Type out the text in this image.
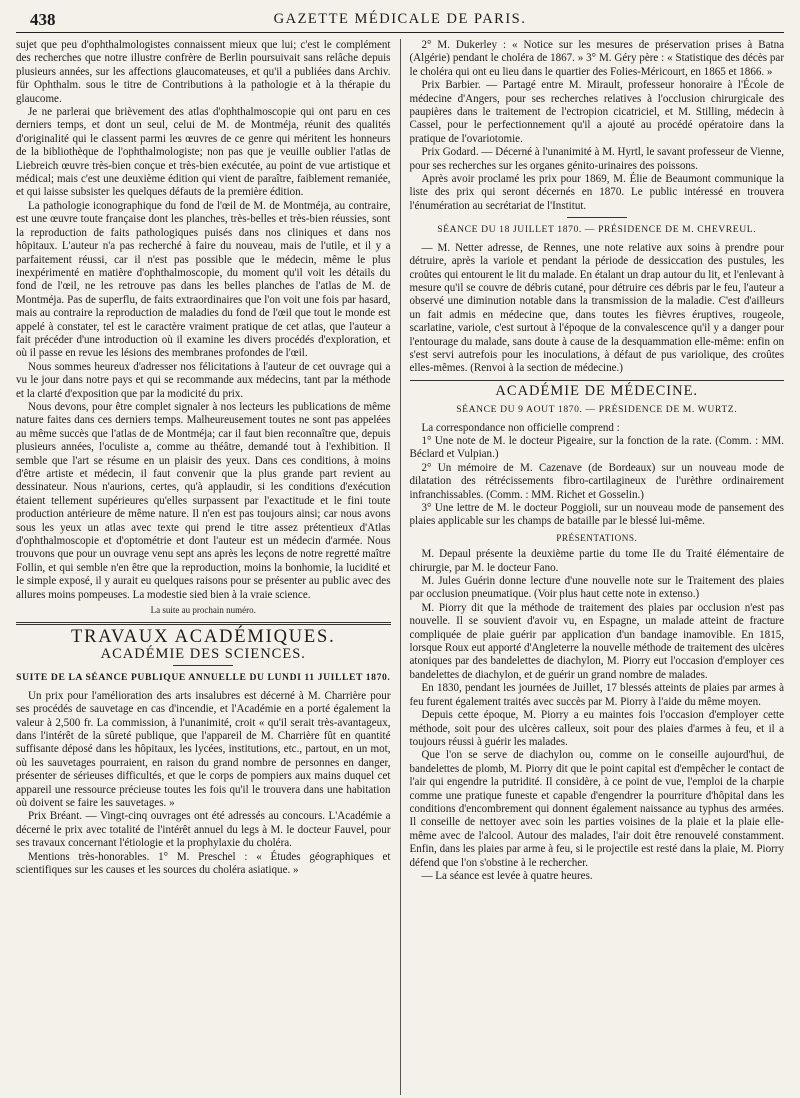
438	GAZETTE MÉDICALE DE PARIS.

sujet que peu d'ophthalmologistes connaissent mieux que lui; c'est le complément des recherches que notre illustre confrère de Berlin poursuivait sans relâche depuis plusieurs années, sur les affections glaucomateuses, et qu'il a publiées dans Archiv. für Ophthalm. sous le titre de Contributions à la pathologie et à la thérapie du glaucome.

Je ne parlerai que brièvement des atlas d'ophthalmoscopie qui ont paru en ces derniers temps, et dont un seul, celui de M. de Montméja, réunit des qualités d'originalité qui le classent parmi les œuvres de ce genre qui méritent les honneurs de la bibliothèque de l'ophthalmologiste; non pas que je veuille oublier l'atlas de Liebreich œuvre très-bien conçue et très-bien exécutée, au point de vue artistique et médical; mais c'est une deuxième édition qui vient de paraître, faiblement remaniée, et qui laisse subsister les quelques défauts de la première édition.

La pathologie iconographique du fond de l'œil de M. de Montméja, au contraire, est une œuvre toute française dont les planches, très-belles et très-bien réussies, sont la reproduction de faits pathologiques puisés dans nos cliniques et dans nos hôpitaux. L'auteur n'a pas recherché à faire du nouveau, mais de l'utile, et il y a parfaitement réussi, car il n'est pas possible que le médecin, même le plus inexpérimenté en matière d'ophthalmoscopie, du moment qu'il voit les détails du fond de l'œil, ne les retrouve pas dans les belles planches de l'atlas de M. de Montméja. Pas de superflu, de faits extraordinaires que l'on voit une fois par hasard, mais au contraire la reproduction de maladies du fond de l'œil que tout le monde est appelé à constater, tel est le caractère vraiment pratique de cet atlas, que l'auteur a fait précéder d'une introduction où il examine les divers procédés d'exploration, et où il passe en revue les lésions des membranes profondes de l'œil.

Nous sommes heureux d'adresser nos félicitations à l'auteur de cet ouvrage qui a vu le jour dans notre pays et qui se recommande aux médecins, tant par la méthode et la clarté d'exposition que par la modicité du prix.

Nous devons, pour être complet signaler à nos lecteurs les publications de même nature faites dans ces derniers temps. Malheureusement toutes ne sont pas appelées au même succès que l'atlas de de Montméja; car il faut bien reconnaître que, depuis plusieurs années, l'oculiste a, comme au théâtre, demandé tout à l'exhibition. Il semble que l'art se résume en un plaisir des yeux. Dans ces conditions, à moins d'être artiste et médecin, il faut convenir que la plus grande part revient au dessinateur. Nous n'aurions, certes, qu'à applaudir, si les conditions d'exécution étaient tellement supérieures qu'elles surpassent par l'exactitude et le fini toute production antérieure de même nature. Il n'en est pas toujours ainsi; car nous avons sous les yeux un atlas avec texte qui prend le titre assez prétentieux d'Atlas d'ophthalmoscopie et d'optométrie et dont l'auteur est un médecin d'armée. Nous trouvons que pour un ouvrage venu sept ans après les leçons de notre regretté maître Follin, et qui semble n'en être que la reproduction, moins la bonhomie, la lucidité et le simple exposé, il y aurait eu quelques raisons pour se présenter au public avec des allures moins pompeuses. La modestie sied bien à la vraie science.

La suite au prochain numéro.

TRAVAUX ACADÉMIQUES.
ACADÉMIE DES SCIENCES.

SUITE DE LA SÉANCE PUBLIQUE ANNUELLE DU LUNDI 11 JUILLET 1870.

Un prix pour l'amélioration des arts insalubres est décerné à M. Charrière pour ses procédés de sauvetage en cas d'incendie, et l'Académie en a porté également la valeur à 2,500 fr. La commission, à l'unanimité, croit « qu'il serait très-avantageux, dans l'intérêt de la sûreté publique, que l'appareil de M. Charrière fût en quantité suffisante déposé dans les hôpitaux, les lycées, institutions, etc., partout, en un mot, où les sauvetages pourraient, en raison du grand nombre de personnes en danger, présenter de sérieuses difficultés, et que le corps de pompiers aux mains duquel cet appareil une ressource précieuse toutes les fois qu'il le trouvera dans une habitation où doivent se faire les sauvetages. »

Prix Bréant. — Vingt-cinq ouvrages ont été adressés au concours. L'Académie a décerné le prix avec totalité de l'intérêt annuel du legs à M. le docteur Fauvel, pour ses travaux concernant l'étiologie et la prophylaxie du choléra.

Mentions très-honorables. 1° M. Preschel : « Études géographiques et scientifiques sur les causes et les sources du choléra asiatique. »

2° M. Dukerley : « Notice sur les mesures de préservation prises à Batna (Algérie) pendant le choléra de 1867. » 3° M. Géry père : « Statistique des décès par le choléra qui ont eu lieu dans le quartier des Folies-Méricourt, en 1865 et 1866. »

Prix Barbier. — Partagé entre M. Mirault, professeur honoraire à l'École de médecine d'Angers, pour ses recherches relatives à l'occlusion chirurgicale des paupières dans le traitement de l'ectropion cicatriciel, et M. Stilling, médecin à Cassel, pour le perfectionnement qu'il a ajouté au procédé opératoire dans la pratique de l'ovariotomie.

Prix Godard. — Décerné à l'unanimité à M. Hyrtl, le savant professeur de Vienne, pour ses recherches sur les organes génito-urinaires des poissons.

Après avoir proclamé les prix pour 1869, M. Élie de Beaumont communique la liste des prix qui seront décernés en 1870. Le public intéressé en trouvera l'énumération au secrétariat de l'Institut.

SÉANCE DU 18 JUILLET 1870. — PRÉSIDENCE DE M. CHEVREUL.

— M. Netter adresse, de Rennes, une note relative aux soins à prendre pour détruire, après la variole et pendant la période de dessiccation des pustules, les croûtes qui entourent le lit du malade. En étalant un drap autour du lit, et l'enlevant à mesure qu'il se couvre de débris cutané, pour détruire ces débris par le feu, l'auteur a observé une diminution notable dans la transmission de la maladie. C'est d'ailleurs un fait admis en médecine que, dans toutes les fièvres éruptives, rougeole, scarlatine, variole, c'est surtout à l'époque de la convalescence qu'il y a danger pour l'entourage du malade, sans doute à cause de la desquammation elle-même: enfin on s'est servi autrefois pour les inoculations, à défaut de pus variolique, des croûtes elles-mêmes. (Renvoi à la section de médecine.)

ACADÉMIE DE MÉDECINE.

SÉANCE DU 9 AOUT 1870. — PRÉSIDENCE DE M. WURTZ.

La correspondance non officielle comprend :

1° Une note de M. le docteur Pigeaire, sur la fonction de la rate. (Comm. : MM. Béclard et Vulpian.)

2° Un mémoire de M. Cazenave (de Bordeaux) sur un nouveau mode de dilatation des rétrécissements fibro-cartilagineux de l'urèthre ordinairement infranchissables. (Comm. : MM. Richet et Gosselin.)

3° Une lettre de M. le docteur Poggioli, sur un nouveau mode de pansement des plaies applicable sur les champs de bataille par le blessé lui-même.

PRÉSENTATIONS.

M. Depaul présente la deuxième partie du tome IIe du Traité élémentaire de chirurgie, par M. le docteur Fano.

M. Jules Guérin donne lecture d'une nouvelle note sur le Traitement des plaies par occlusion pneumatique. (Voir plus haut cette note in extenso.)

M. Piorry dit que la méthode de traitement des plaies par occlusion n'est pas nouvelle. Il se souvient d'avoir vu, en Espagne, un malade atteint de fracture compliquée de plaie guérir par application d'un bandage inamovible. En 1815, lorsque Roux eut apporté d'Angleterre la nouvelle méthode de traitement des ulcères atoniques par des bandelettes de diachylon, M. Piorry eut l'occasion d'employer ces bandelettes de diachylon, et de guérir un grand nombre de malades.

En 1830, pendant les journées de Juillet, 17 blessés atteints de plaies par armes à feu furent également traités avec succès par M. Piorry à l'aide du même moyen.

Depuis cette époque, M. Piorry a eu maintes fois l'occasion d'employer cette méthode, soit pour des ulcères calleux, soit pour des plaies d'armes à feu, et il a toujours réussi à guérir les malades.

Que l'on se serve de diachylon ou, comme on le conseille aujourd'hui, de bandelettes de plomb, M. Piorry dit que le point capital est d'empêcher le contact de l'air qui engendre la putridité. Il considère, à ce point de vue, l'emploi de la charpie comme une pratique funeste et capable d'engendrer la pourriture d'hôpital dans les conditions d'encombrement qui donnent également naissance au typhus des armées. Il conseille de nettoyer avec soin les parties voisines de la plaie et la plaie elle-même avec de l'alcool. Autour des malades, l'air doit être renouvelé constamment. Enfin, dans les plaies par arme à feu, si le projectile est resté dans la plaie, M. Piorry défend que l'on s'obstine à le rechercher.

— La séance est levée à quatre heures.
